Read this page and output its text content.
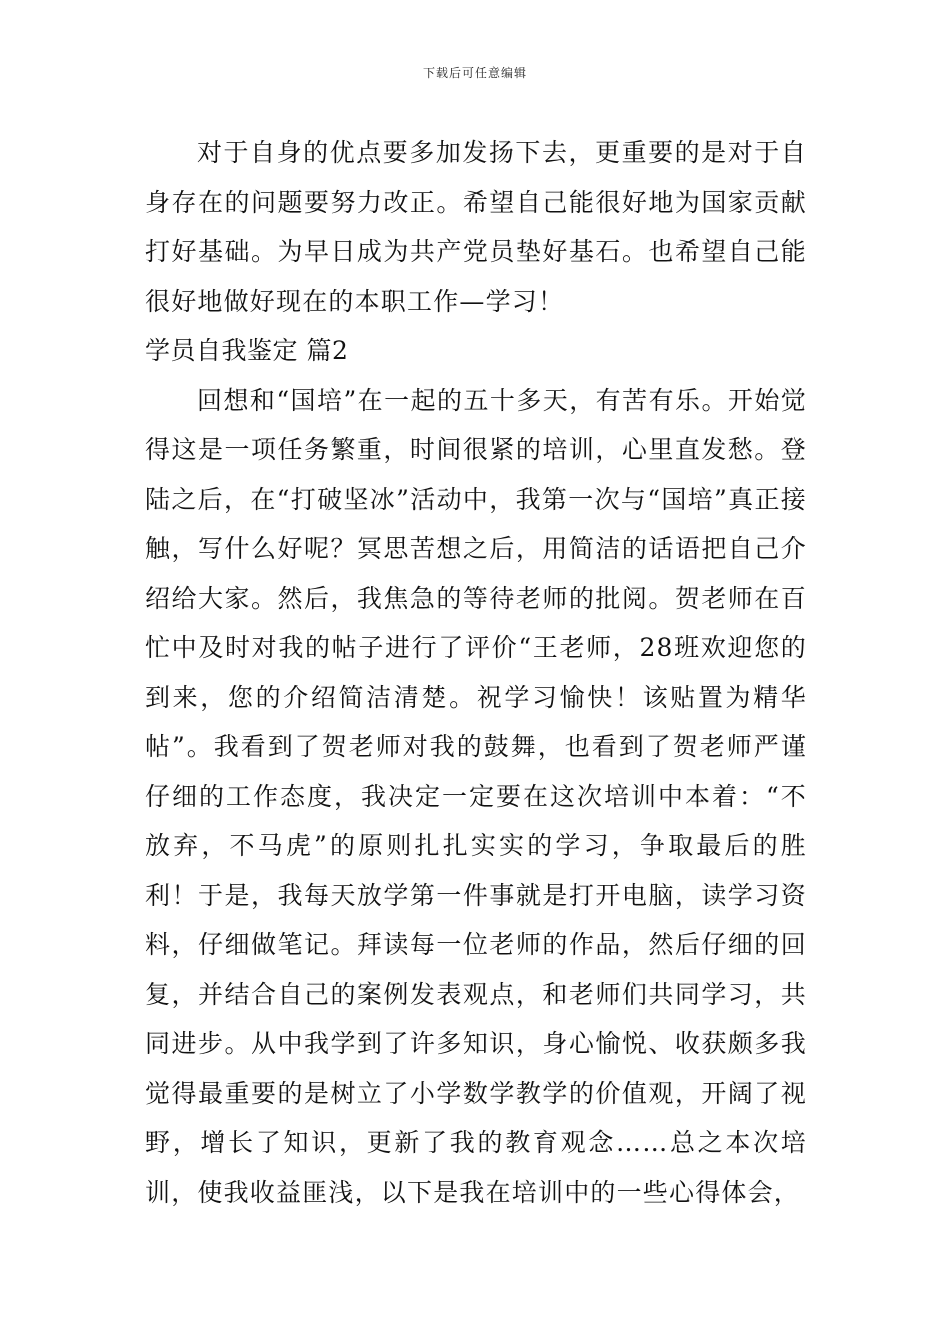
下载后可任意编辑

对于自身的优点要多加发扬下去，更重要的是对于自身存在的问题要努力改正。希望自己能很好地为国家贡献打好基础。为早日成为共产党员垫好基石。也希望自己能很好地做好现在的本职工作—学习！

学员自我鉴定 篇2

回想和“国培”在一起的五十多天，有苦有乐。开始觉得这是一项任务繁重，时间很紧的培训，心里直发愁。登陆之后，在“打破坚冰”活动中，我第一次与“国培”真正接触，写什么好呢？冥思苦想之后，用简洁的话语把自己介绍给大家。然后，我焦急的等待老师的批阅。贺老师在百忙中及时对我的帖子进行了评价“王老师，28班欢迎您的到来，您的介绍简洁清楚。祝学习愉快！该贴置为精华帖”。我看到了贺老师对我的鼓舞，也看到了贺老师严谨仔细的工作态度，我决定一定要在这次培训中本着：“不放弃，不马虎”的原则扎扎实实的学习，争取最后的胜利！于是，我每天放学第一件事就是打开电脑，读学习资料，仔细做笔记。拜读每一位老师的作品，然后仔细的回复，并结合自己的案例发表观点，和老师们共同学习，共同进步。从中我学到了许多知识，身心愉悦、收获颇多我觉得最重要的是树立了小学数学教学的价值观，开阔了视野，增长了知识，更新了我的教育观念……总之本次培训，使我收益匪浅，以下是我在培训中的一些心得体会，
